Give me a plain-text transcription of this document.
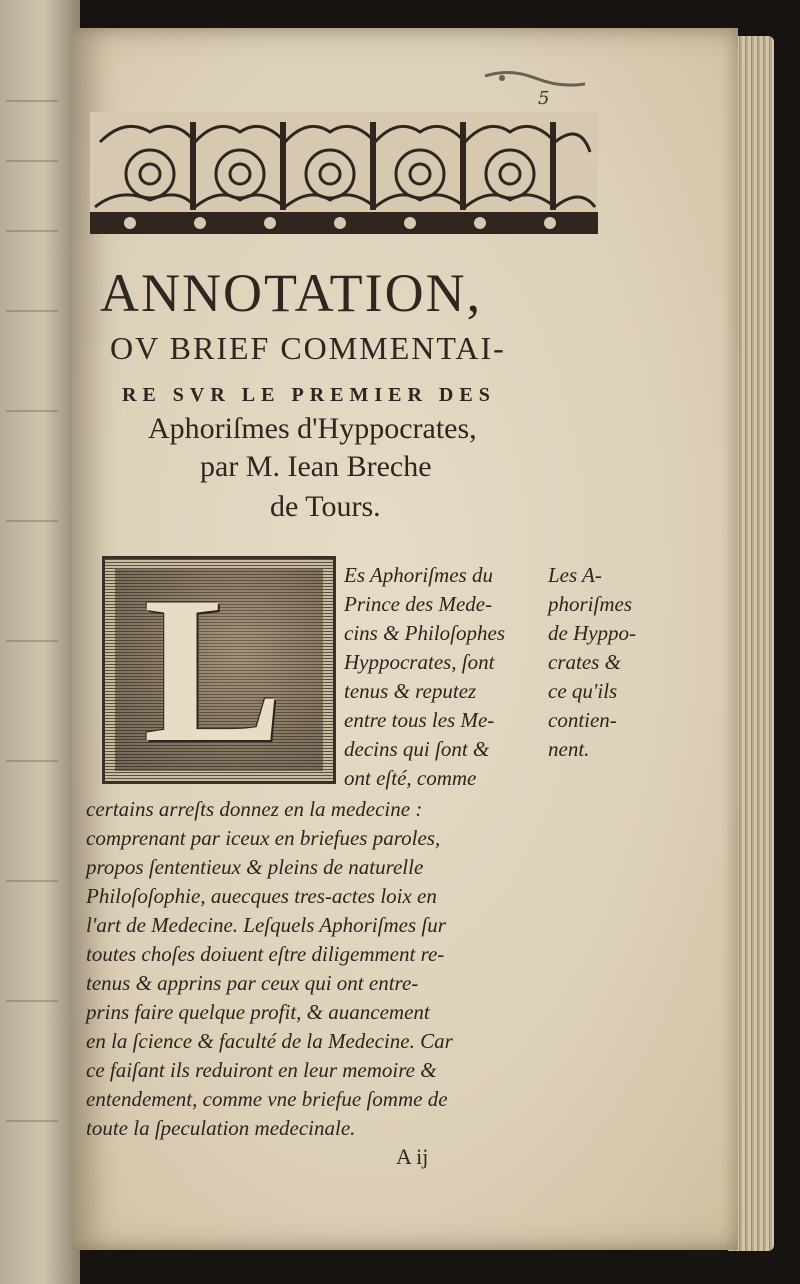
5
ANNOTATION,
OV BRIEF COMMENTAI-
RE SVR LE PREMIER DES
Aphoriſmes d'Hyppocrates,
par M. Iean Breche
de Tours.
L	Es Aphoriſmes du
Prince des Mede-
cins & Philoſophes
Hyppocrates, ſont
tenus & reputez
entre tous les Me-
decins qui ſont &
ont eſté, comme
Les A-
phoriſmes
de Hyppo-
crates &
ce qu'ils
contien-
nent.
certains arreſts donnez en la medecine :
comprenant par iceux en briefues paroles,
propos ſententieux & pleins de naturelle
Philoſoſophie, auecques tres-actes loix en
l'art de Medecine. Leſquels Aphoriſmes ſur
toutes choſes doiuent eſtre diligemment re-
tenus & apprins par ceux qui ont entre-
prins faire quelque profit, & auancement
en la ſcience & faculté de la Medecine. Car
ce faiſant ils reduiront en leur memoire &
entendement, comme vne briefue ſomme de
toute la ſpeculation medecinale.
A ij
